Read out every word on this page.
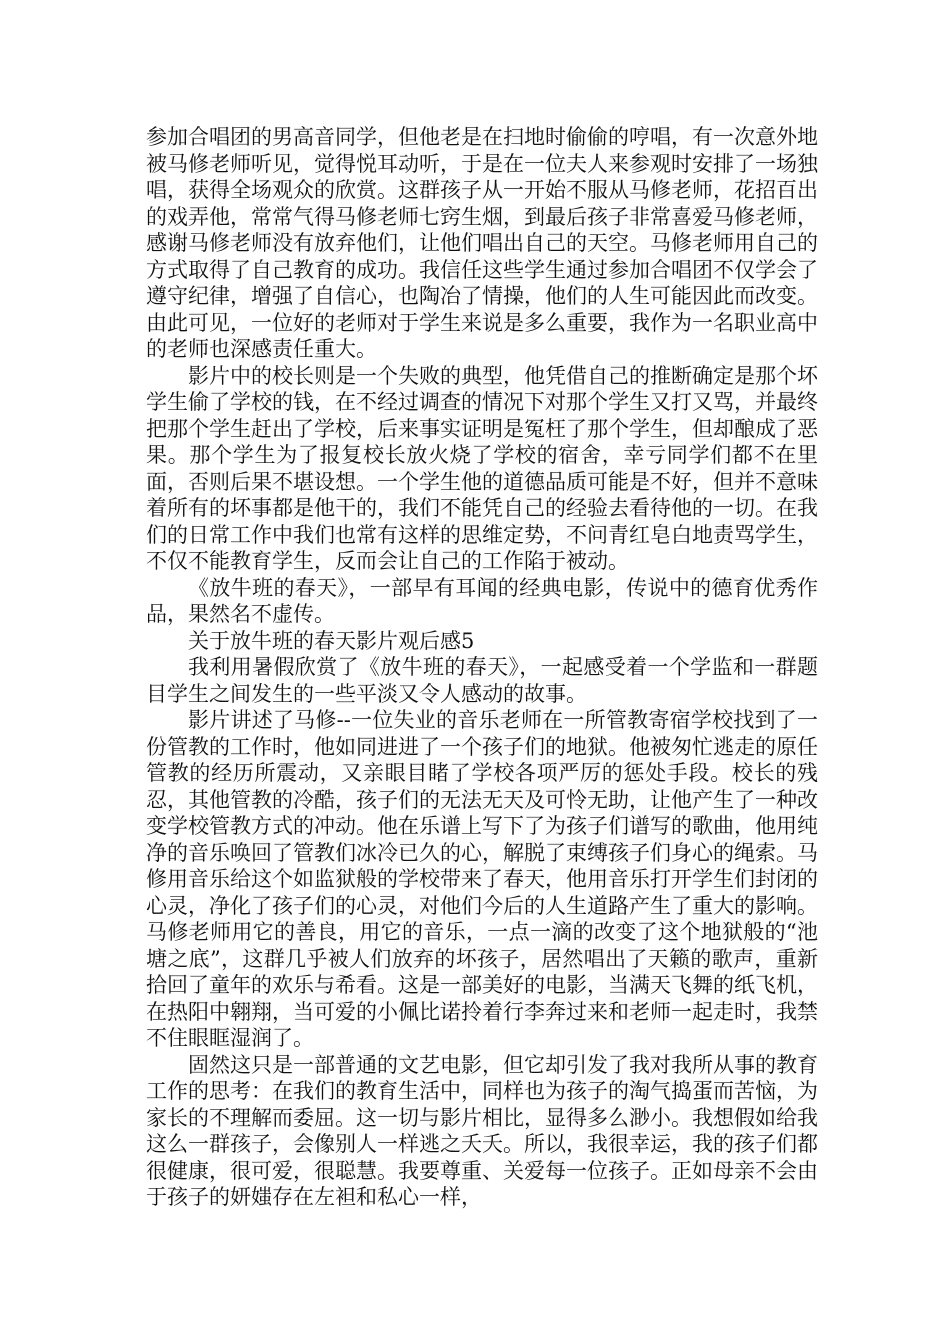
参加合唱团的男高音同学，但他老是在扫地时偷偷的哼唱，有一次意外地被马修老师听见，觉得悦耳动听，于是在一位夫人来参观时安排了一场独唱，获得全场观众的欣赏。这群孩子从一开始不服从马修老师，花招百出的戏弄他，常常气得马修老师七窍生烟，到最后孩子非常喜爱马修老师，感谢马修老师没有放弃他们，让他们唱出自己的天空。马修老师用自己的方式取得了自己教育的成功。我信任这些学生通过参加合唱团不仅学会了遵守纪律，增强了自信心，也陶冶了情操，他们的人生可能因此而改变。由此可见，一位好的老师对于学生来说是多么重要，我作为一名职业高中的老师也深感责任重大。

影片中的校长则是一个失败的典型，他凭借自己的推断确定是那个坏学生偷了学校的钱，在不经过调查的情况下对那个学生又打又骂，并最终把那个学生赶出了学校，后来事实证明是冤枉了那个学生，但却酿成了恶果。那个学生为了报复校长放火烧了学校的宿舍，幸亏同学们都不在里面，否则后果不堪设想。一个学生他的道德品质可能是不好，但并不意味着所有的坏事都是他干的，我们不能凭自己的经验去看待他的一切。在我们的日常工作中我们也常有这样的思维定势，不问青红皂白地责骂学生，不仅不能教育学生，反而会让自己的工作陷于被动。

《放牛班的春天》，一部早有耳闻的经典电影，传说中的德育优秀作品，果然名不虚传。

关于放牛班的春天影片观后感5

我利用暑假欣赏了《放牛班的春天》，一起感受着一个学监和一群题目学生之间发生的一些平淡又令人感动的故事。

影片讲述了马修--一位失业的音乐老师在一所管教寄宿学校找到了一份管教的工作时，他如同进进了一个孩子们的地狱。他被匆忙逃走的原任管教的经历所震动，又亲眼目睹了学校各项严厉的惩处手段。校长的残忍，其他管教的冷酷，孩子们的无法无天及可怜无助，让他产生了一种改变学校管教方式的冲动。他在乐谱上写下了为孩子们谱写的歌曲，他用纯净的音乐唤回了管教们冰冷已久的心，解脱了束缚孩子们身心的绳索。马修用音乐给这个如监狱般的学校带来了春天，他用音乐打开学生们封闭的心灵，净化了孩子们的心灵，对他们今后的人生道路产生了重大的影响。马修老师用它的善良，用它的音乐，一点一滴的改变了这个地狱般的“池塘之底”，这群几乎被人们放弃的坏孩子，居然唱出了天籁的歌声，重新拾回了童年的欢乐与希看。这是一部美好的电影，当满天飞舞的纸飞机，在热阳中翱翔，当可爱的小佩比诺拎着行李奔过来和老师一起走时，我禁不住眼眶湿润了。

固然这只是一部普通的文艺电影，但它却引发了我对我所从事的教育工作的思考：在我们的教育生活中，同样也为孩子的淘气捣蛋而苦恼，为家长的不理解而委屈。这一切与影片相比，显得多么渺小。我想假如给我这么一群孩子，会像别人一样逃之夭夭。所以，我很幸运，我的孩子们都很健康，很可爱，很聪慧。我要尊重、关爱每一位孩子。正如母亲不会由于孩子的妍媸存在左袒和私心一样，
